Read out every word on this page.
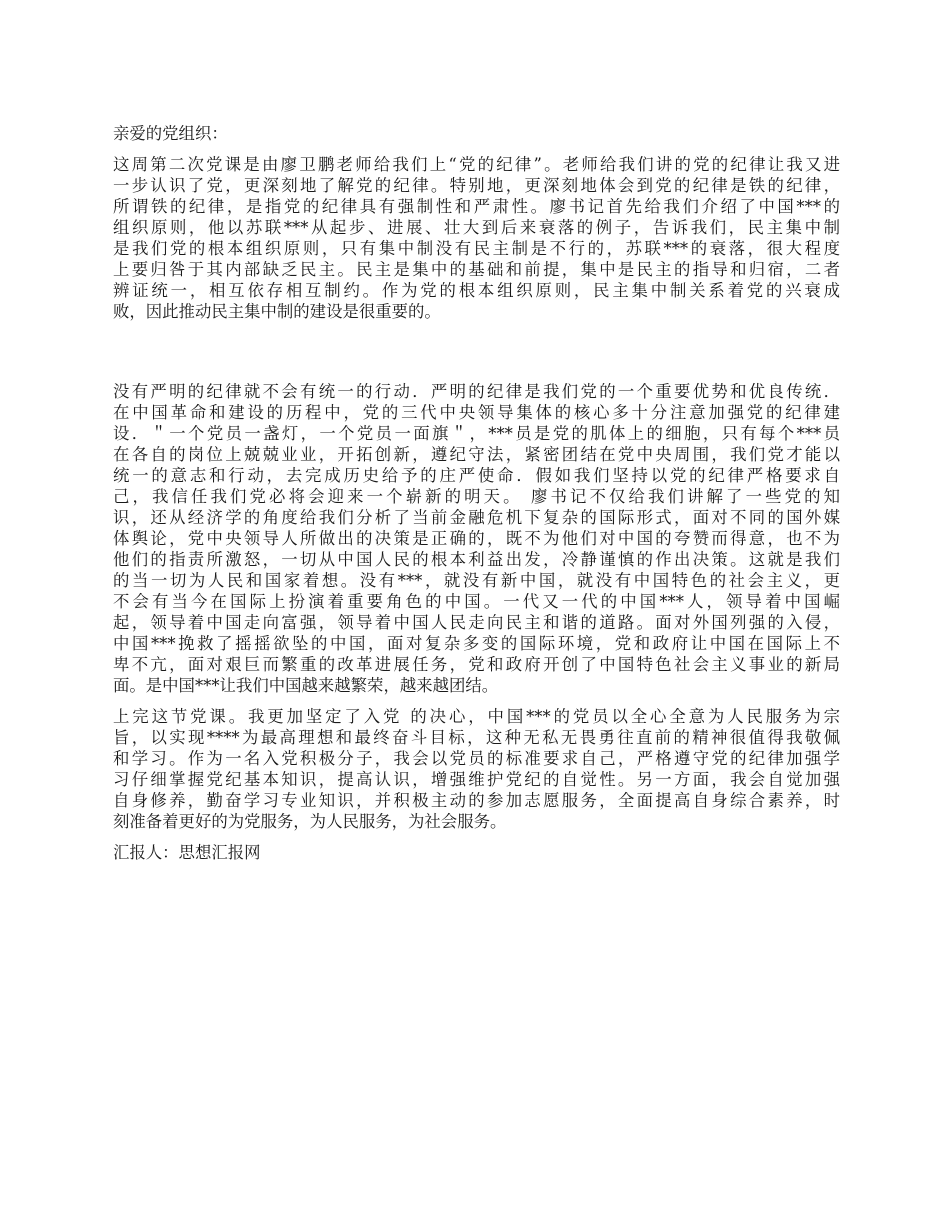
亲爱的党组织：
这周第二次党课是由廖卫鹏老师给我们上“党的纪律”。老师给我们讲的党的纪律让我又进
一步认识了党，更深刻地了解党的纪律。特别地，更深刻地体会到党的纪律是铁的纪律，
所谓铁的纪律，是指党的纪律具有强制性和严肃性。廖书记首先给我们介绍了中国***的
组织原则，他以苏联***从起步、进展、壮大到后来衰落的例子，告诉我们，民主集中制
是我们党的根本组织原则，只有集中制没有民主制是不行的，苏联***的衰落，很大程度
上要归咎于其内部缺乏民主。民主是集中的基础和前提，集中是民主的指导和归宿，二者
辨证统一，相互依存相互制约。作为党的根本组织原则，民主集中制关系着党的兴衰成
败，因此推动民主集中制的建设是很重要的。
没有严明的纪律就不会有统一的行动．严明的纪律是我们党的一个重要优势和优良传统．
在中国革命和建设的历程中，党的三代中央领导集体的核心多十分注意加强党的纪律建
设．＂一个党员一盏灯，一个党员一面旗＂，***员是党的肌体上的细胞，只有每个***员
在各自的岗位上兢兢业业，开拓创新，遵纪守法，紧密团结在党中央周围，我们党才能以
统一的意志和行动，去完成历史给予的庄严使命．假如我们坚持以党的纪律严格要求自
己，我信任我们党必将会迎来一个崭新的明天。 廖书记不仅给我们讲解了一些党的知
识，还从经济学的角度给我们分析了当前金融危机下复杂的国际形式，面对不同的国外媒
体舆论，党中央领导人所做出的决策是正确的，既不为他们对中国的夸赞而得意，也不为
他们的指责所激怒，一切从中国人民的根本利益出发，冷静谨慎的作出决策。这就是我们
的当一切为人民和国家着想。没有***，就没有新中国，就没有中国特色的社会主义，更
不会有当今在国际上扮演着重要角色的中国。一代又一代的中国***人，领导着中国崛
起，领导着中国走向富强，领导着中国人民走向民主和谐的道路。面对外国列强的入侵，
中国***挽救了摇摇欲坠的中国，面对复杂多变的国际环境，党和政府让中国在国际上不
卑不亢，面对艰巨而繁重的改革进展任务，党和政府开创了中国特色社会主义事业的新局
面。是中国***让我们中国越来越繁荣，越来越团结。
上完这节党课。我更加坚定了入党 的决心，中国***的党员以全心全意为人民服务为宗
旨，以实现****为最高理想和最终奋斗目标，这种无私无畏勇往直前的精神很值得我敬佩
和学习。作为一名入党积极分子，我会以党员的标准要求自己，严格遵守党的纪律加强学
习仔细掌握党纪基本知识，提高认识，增强维护党纪的自觉性。另一方面，我会自觉加强
自身修养，勤奋学习专业知识，并积极主动的参加志愿服务，全面提高自身综合素养，时
刻准备着更好的为党服务，为人民服务，为社会服务。
汇报人：思想汇报网
